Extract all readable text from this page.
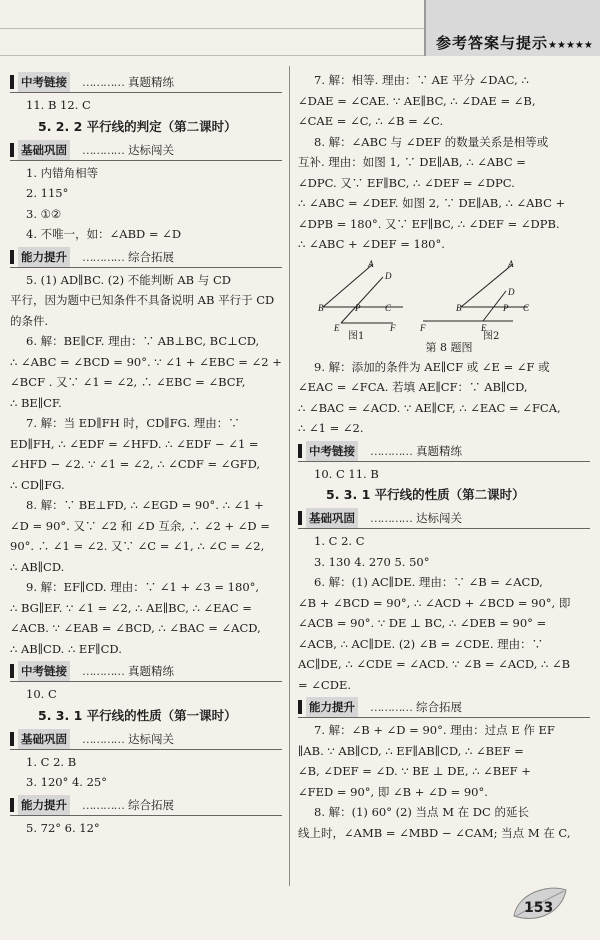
参考答案与提示★★★★★
中考链接 ………… 真题精练
11. B 12. C
5. 2. 2 平行线的判定（第二课时）
基础巩固 ………… 达标闯关
1. 内错角相等
2. 115°
3. ①②
4. 不唯一，如：∠ABD = ∠D
能力提升 ………… 综合拓展
5. (1) AD∥BC. (2) 不能判断 AB 与 CD
平行，因为题中已知条件不具备说明 AB 平行于 CD
的条件.
6. 解：BE∥CF. 理由：∵ AB⊥BC, BC⊥CD,
∴ ∠ABC = ∠BCD = 90°. ∵ ∠1 + ∠EBC = ∠2 +
∠BCF . 又∵ ∠1 = ∠2, ∴ ∠EBC = ∠BCF,
∴ BE∥CF.
7. 解：当 ED∥FH 时，CD∥FG. 理由：∵
ED∥FH, ∴ ∠EDF = ∠HFD. ∴ ∠EDF − ∠1 =
∠HFD − ∠2. ∵ ∠1 = ∠2, ∴ ∠CDF = ∠GFD,
∴ CD∥FG.
8. 解：∵ BE⊥FD, ∴ ∠EGD = 90°. ∴ ∠1 +
∠D = 90°. 又∵ ∠2 和 ∠D 互余, ∴ ∠2 + ∠D =
90°. ∴ ∠1 = ∠2. 又∵ ∠C = ∠1, ∴ ∠C = ∠2,
∴ AB∥CD.
9. 解：EF∥CD. 理由：∵ ∠1 + ∠3 = 180°,
∴ BG∥EF. ∵ ∠1 = ∠2, ∴ AE∥BC, ∴ ∠EAC =
∠ACB. ∵ ∠EAB = ∠BCD, ∴ ∠BAC = ∠ACD,
∴ AB∥CD. ∴ EF∥CD.
中考链接 ………… 真题精练
10. C
5. 3. 1 平行线的性质（第一课时）
基础巩固 ………… 达标闯关
1. C 2. B
3. 120° 4. 25°
能力提升 ………… 综合拓展
5. 72° 6. 12°
7. 解：相等. 理由：∵ AE 平分 ∠DAC, ∴
∠DAE = ∠CAE. ∵ AE∥BC, ∴ ∠DAE = ∠B,
∠CAE = ∠C, ∴ ∠B = ∠C.
8. 解：∠ABC 与 ∠DEF 的数量关系是相等或
互补. 理由：如图 1, ∵ DE∥AB, ∴ ∠ABC =
∠DPC. 又∵ EF∥BC, ∴ ∠DEF = ∠DPC.
∴ ∠ABC = ∠DEF. 如图 2, ∵ DE∥AB, ∴ ∠ABC +
∠DPB = 180°. 又∵ EF∥BC, ∴ ∠DEF = ∠DPB.
∴ ∠ABC + ∠DEF = 180°.
A
D
B	P	C
E	F
A
B	P C
D
F	E
图1	图2
第 8 题图
9. 解：添加的条件为 AE∥CF 或 ∠E = ∠F 或
∠EAC = ∠FCA. 若填 AE∥CF：∵ AB∥CD,
∴ ∠BAC = ∠ACD. ∵ AE∥CF, ∴ ∠EAC = ∠FCA,
∴ ∠1 = ∠2.
中考链接 ………… 真题精练
10. C 11. B
5. 3. 1 平行线的性质（第二课时）
基础巩固 ………… 达标闯关
1. C 2. C
3. 130 4. 270 5. 50°
6. 解：(1) AC∥DE. 理由：∵ ∠B = ∠ACD,
∠B + ∠BCD = 90°, ∴ ∠ACD + ∠BCD = 90°, 即
∠ACB = 90°. ∵ DE ⊥ BC, ∴ ∠DEB = 90° =
∠ACB, ∴ AC∥DE. (2) ∠B = ∠CDE. 理由：∵
AC∥DE, ∴ ∠CDE = ∠ACD. ∵ ∠B = ∠ACD, ∴ ∠B
= ∠CDE.
能力提升 ………… 综合拓展
7. 解：∠B + ∠D = 90°. 理由：过点 E 作 EF
∥AB. ∵ AB∥CD, ∴ EF∥AB∥CD, ∴ ∠BEF =
∠B, ∠DEF = ∠D. ∵ BE ⊥ DE, ∴ ∠BEF +
∠FED = 90°, 即 ∠B + ∠D = 90°.
8. 解：(1) 60° (2) 当点 M 在 DC 的延长
线上时，∠AMB = ∠MBD − ∠CAM; 当点 M 在 C,
153
